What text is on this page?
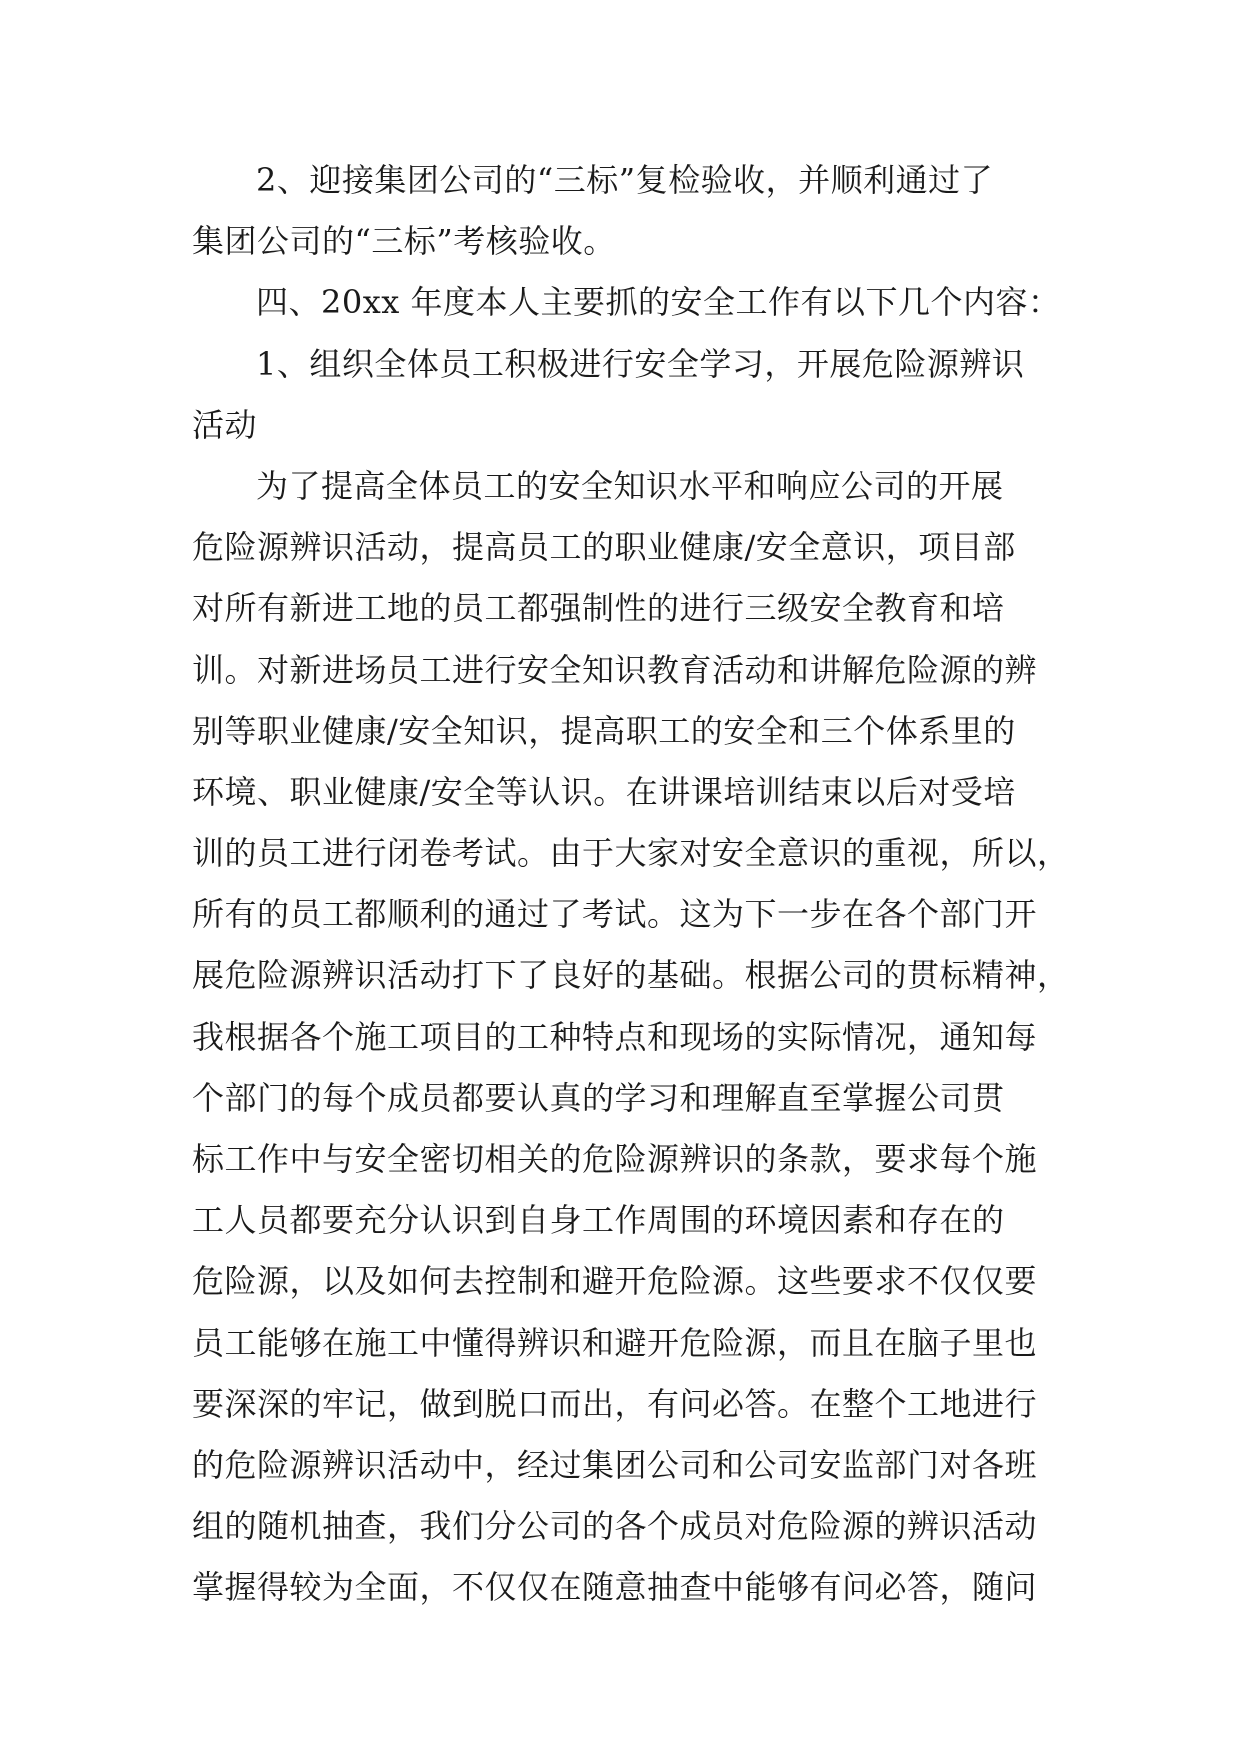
2、迎接集团公司的“三标”复检验收，并顺利通过了
集团公司的“三标”考核验收。
四、20xx 年度本人主要抓的安全工作有以下几个内容：
1、组织全体员工积极进行安全学习，开展危险源辨识
活动
为了提高全体员工的安全知识水平和响应公司的开展
危险源辨识活动，提高员工的职业健康/安全意识，项目部
对所有新进工地的员工都强制性的进行三级安全教育和培
训。对新进场员工进行安全知识教育活动和讲解危险源的辨
别等职业健康/安全知识，提高职工的安全和三个体系里的
环境、职业健康/安全等认识。在讲课培训结束以后对受培
训的员工进行闭卷考试。由于大家对安全意识的重视，所以，
所有的员工都顺利的通过了考试。这为下一步在各个部门开
展危险源辨识活动打下了良好的基础。根据公司的贯标精神，
我根据各个施工项目的工种特点和现场的实际情况，通知每
个部门的每个成员都要认真的学习和理解直至掌握公司贯
标工作中与安全密切相关的危险源辨识的条款，要求每个施
工人员都要充分认识到自身工作周围的环境因素和存在的
危险源，以及如何去控制和避开危险源。这些要求不仅仅要
员工能够在施工中懂得辨识和避开危险源，而且在脑子里也
要深深的牢记，做到脱口而出，有问必答。在整个工地进行
的危险源辨识活动中，经过集团公司和公司安监部门对各班
组的随机抽查，我们分公司的各个成员对危险源的辨识活动
掌握得较为全面，不仅仅在随意抽查中能够有问必答，随问
